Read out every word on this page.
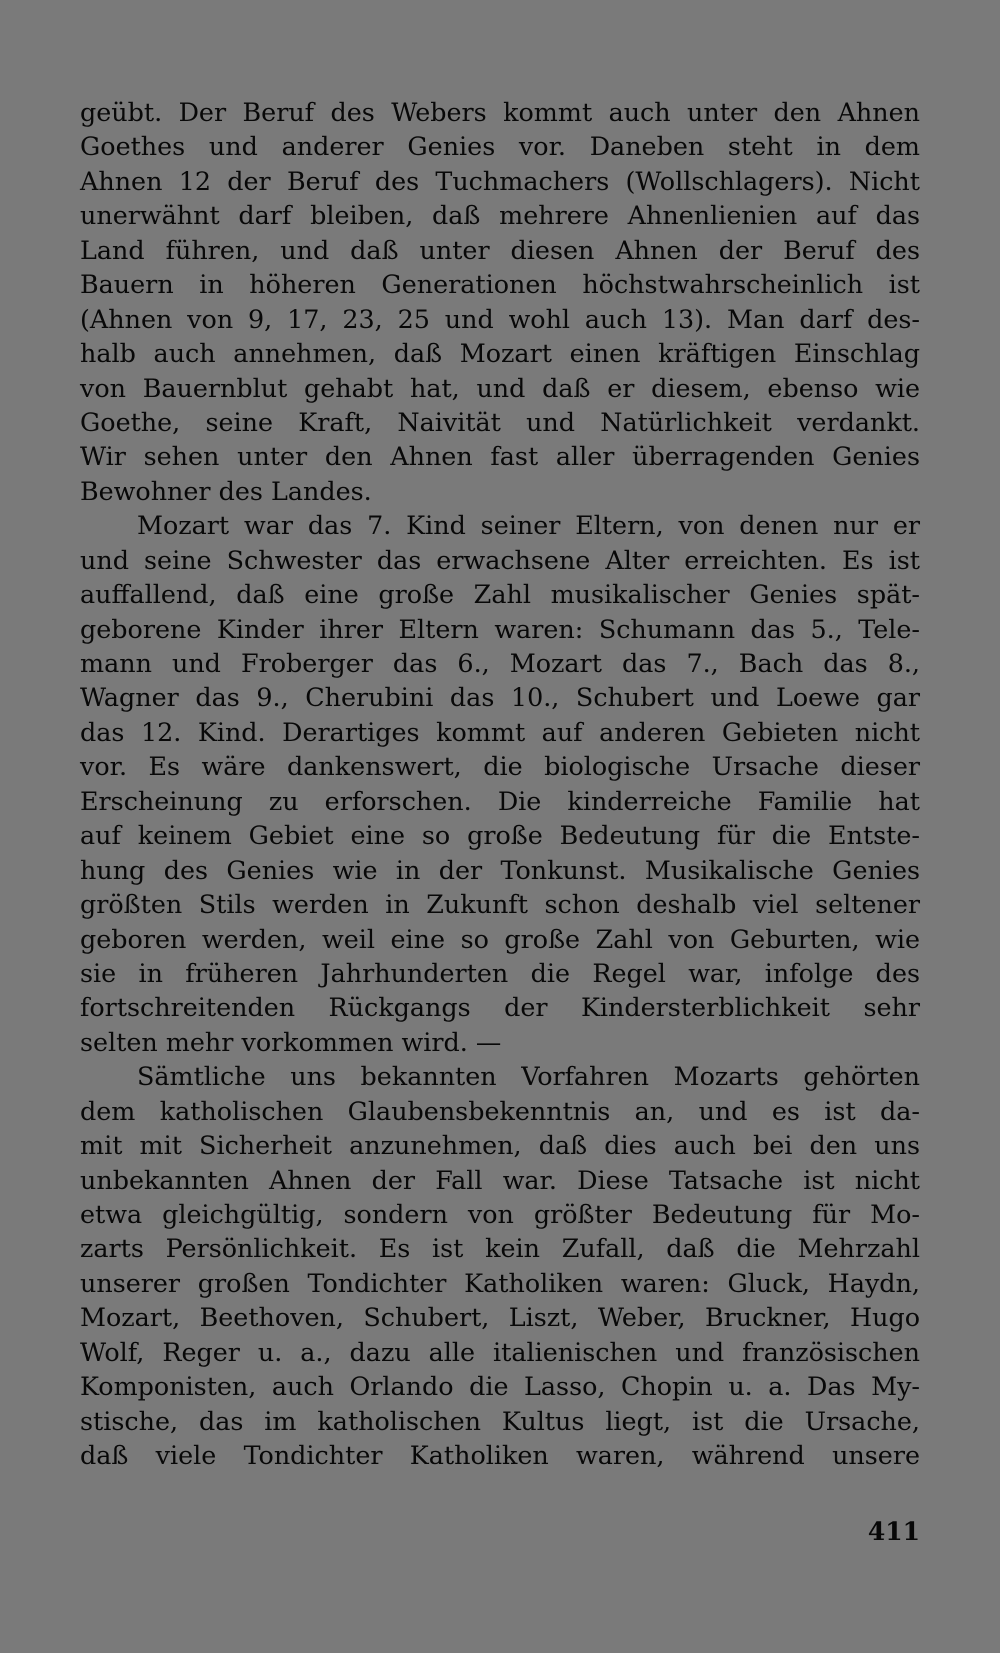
geübt. Der Beruf des Webers kommt auch unter den Ahnen
Goethes und anderer Genies vor. Daneben steht in dem
Ahnen 12 der Beruf des Tuchmachers (Wollschlagers). Nicht
unerwähnt darf bleiben, daß mehrere Ahnenlienien auf das
Land führen, und daß unter diesen Ahnen der Beruf des
Bauern in höheren Generationen höchstwahrscheinlich ist
(Ahnen von 9, 17, 23, 25 und wohl auch 13). Man darf des-
halb auch annehmen, daß Mozart einen kräftigen Einschlag
von Bauernblut gehabt hat, und daß er diesem, ebenso wie
Goethe, seine Kraft, Naivität und Natürlichkeit verdankt.
Wir sehen unter den Ahnen fast aller überragenden Genies
Bewohner des Landes.
Mozart war das 7. Kind seiner Eltern, von denen nur er
und seine Schwester das erwachsene Alter erreichten. Es ist
auffallend, daß eine große Zahl musikalischer Genies spät-
geborene Kinder ihrer Eltern waren: Schumann das 5., Tele-
mann und Froberger das 6., Mozart das 7., Bach das 8.,
Wagner das 9., Cherubini das 10., Schubert und Loewe gar
das 12. Kind. Derartiges kommt auf anderen Gebieten nicht
vor. Es wäre dankenswert, die biologische Ursache dieser
Erscheinung zu erforschen. Die kinderreiche Familie hat
auf keinem Gebiet eine so große Bedeutung für die Entste-
hung des Genies wie in der Tonkunst. Musikalische Genies
größten Stils werden in Zukunft schon deshalb viel seltener
geboren werden, weil eine so große Zahl von Geburten, wie
sie in früheren Jahrhunderten die Regel war, infolge des
fortschreitenden Rückgangs der Kindersterblichkeit sehr
selten mehr vorkommen wird. —
Sämtliche uns bekannten Vorfahren Mozarts gehörten
dem katholischen Glaubensbekenntnis an, und es ist da-
mit mit Sicherheit anzunehmen, daß dies auch bei den uns
unbekannten Ahnen der Fall war. Diese Tatsache ist nicht
etwa gleichgültig, sondern von größter Bedeutung für Mo-
zarts Persönlichkeit. Es ist kein Zufall, daß die Mehrzahl
unserer großen Tondichter Katholiken waren: Gluck, Haydn,
Mozart, Beethoven, Schubert, Liszt, Weber, Bruckner, Hugo
Wolf, Reger u. a., dazu alle italienischen und französischen
Komponisten, auch Orlando die Lasso, Chopin u. a. Das My-
stische, das im katholischen Kultus liegt, ist die Ursache,
daß viele Tondichter Katholiken waren, während unsere
411
